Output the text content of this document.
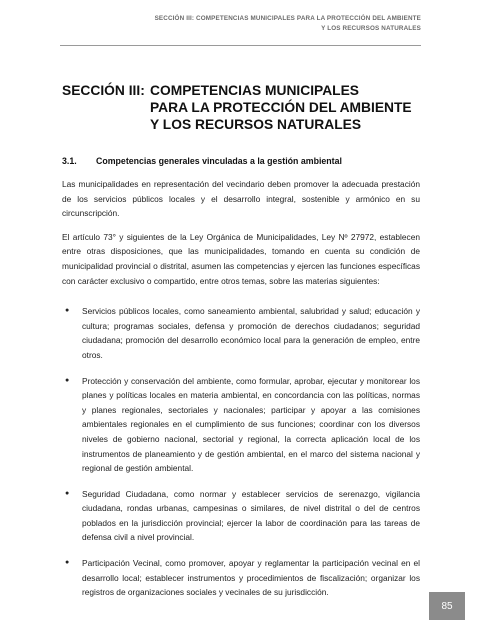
SECCIÓN III: COMPETENCIAS MUNICIPALES PARA LA PROTECCIÓN DEL AMBIENTE
Y LOS RECURSOS NATURALES
SECCIÓN III: COMPETENCIAS MUNICIPALES
PARA LA PROTECCIÓN DEL AMBIENTE
Y LOS RECURSOS NATURALES
3.1. Competencias generales vinculadas a la gestión ambiental

Las municipalidades en representación del vecindario deben promover la adecuada prestación de los servicios públicos locales y el desarrollo integral, sostenible y armónico en su circunscripción.

El artículo 73° y siguientes de la Ley Orgánica de Municipalidades, Ley Nº 27972, establecen entre otras disposiciones, que las municipalidades, tomando en cuenta su condición de municipalidad provincial o distrital, asumen las competencias y ejercen las funciones específicas con carácter exclusivo o compartido, entre otros temas, sobre las materias siguientes:

● Servicios públicos locales, como saneamiento ambiental, salubridad y salud; educación y cultura; programas sociales, defensa y promoción de derechos ciudadanos; seguridad ciudadana; promoción del desarrollo económico local para la generación de empleo, entre otros.
● Protección y conservación del ambiente, como formular, aprobar, ejecutar y monitorear los planes y políticas locales en materia ambiental, en concordancia con las políticas, normas y planes regionales, sectoriales y nacionales; participar y apoyar a las comisiones ambientales regionales en el cumplimiento de sus funciones; coordinar con los diversos niveles de gobierno nacional, sectorial y regional, la correcta aplicación local de los instrumentos de planeamiento y de gestión ambiental, en el marco del sistema nacional y regional de gestión ambiental.
● Seguridad Ciudadana, como normar y establecer servicios de serenazgo, vigilancia ciudadana, rondas urbanas, campesinas o similares, de nivel distrital o del de centros poblados en la jurisdicción provincial; ejercer la labor de coordinación para las tareas de defensa civil a nivel provincial.
● Participación Vecinal, como promover, apoyar y reglamentar la participación vecinal en el desarrollo local; establecer instrumentos y procedimientos de fiscalización; organizar los registros de organizaciones sociales y vecinales de su jurisdicción.
85
